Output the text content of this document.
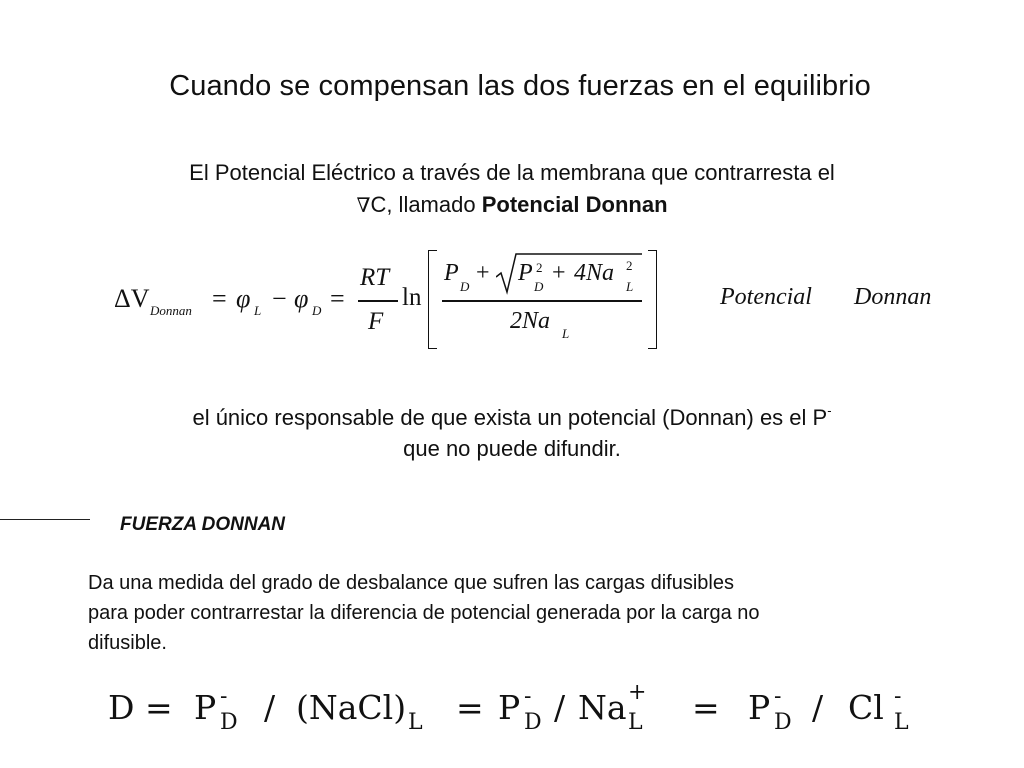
Cuando se compensan las dos fuerzas en el equilibrio
El Potencial Eléctrico a través de la membrana que contrarresta el
∇C, llamado Potencial Donnan
ΔV Donnan = φ L − φ D =
RT
F
ln
P
D
+ P 2
D
+ 4Na 2
L
2Na L
Potencial Donnan
el único responsable de que exista un potencial (Donnan) es el P-
que no puede difundir.
FUERZA DONNAN
Da una medida del grado de desbalance que sufren las cargas difusibles
para poder contrarrestar la diferencia de potencial generada por la carga no
difusible.
D = P -
D / (NaCl) L = P -
D / Na +
L = P -
D / Cl -
L
